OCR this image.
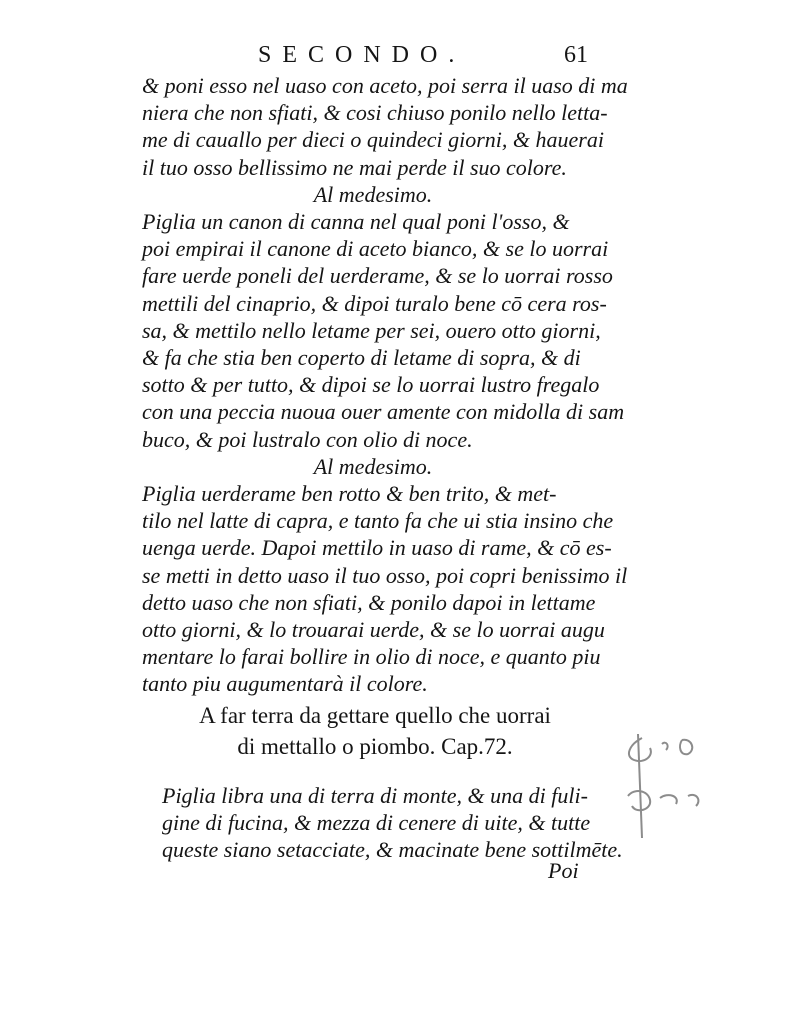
SECONDO.	61
& poni esso nel uaso con aceto, poi serra il uaso di ma
niera che non sfiati, & cosi chiuso ponilo nello letta-
me di cauallo per dieci o quindeci giorni, & hauerai
il tuo osso bellissimo ne mai perde il suo colore.
Al medesimo.
Piglia un canon di canna nel qual poni l'osso, &
poi empirai il canone di aceto bianco, & se lo uorrai
fare uerde poneli del uerderame, & se lo uorrai rosso
mettili del cinaprio, & dipoi turalo bene cō cera ros-
sa, & mettilo nello letame per sei, ouero otto giorni,
& fa che stia ben coperto di letame di sopra, & di
sotto & per tutto, & dipoi se lo uorrai lustro fregalo
con una peccia nuoua ouer amente con midolla di sam
buco, & poi lustralo con olio di noce.
Al medesimo.
Piglia uerderame ben rotto & ben trito, & met-
tilo nel latte di capra, e tanto fa che ui stia insino che
uenga uerde. Dapoi mettilo in uaso di rame, & cō es-
se metti in detto uaso il tuo osso, poi copri benissimo il
detto uaso che non sfiati, & ponilo dapoi in lettame
otto giorni, & lo trouarai uerde, & se lo uorrai augu
mentare lo farai bollire in olio di noce, e quanto piu
tanto piu augumentarà il colore.
A far terra da gettare quello che uorrai
di mettallo o piombo. Cap.72.
Piglia libra una di terra di monte, & una di fuli-
gine di fucina, & mezza di cenere di uite, & tutte
queste siano setacciate, & macinate bene sottilmēte.
Poi
